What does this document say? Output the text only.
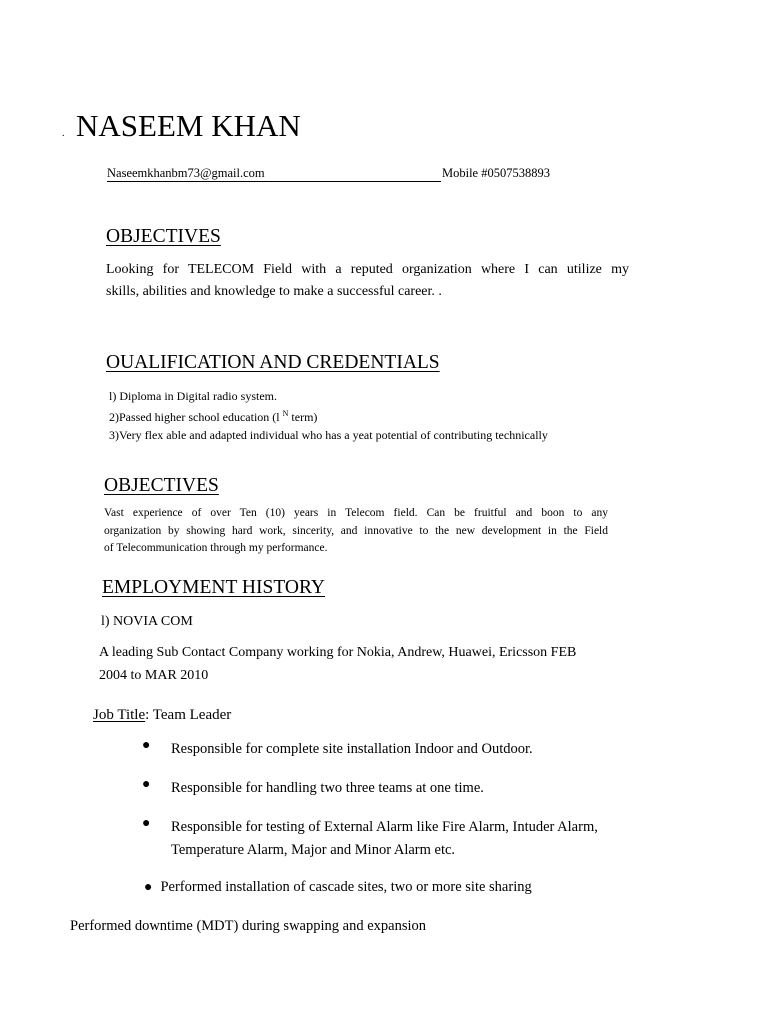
. NASEEM KHAN
Naseemkhanbm73@gmail.com	Mobile #0507538893
OBJECTIVES
Looking for TELECOM Field with a reputed organization where I can utilize my
skills, abilities and knowledge to make a successful career. .
OUALIFICATION AND CREDENTIALS
l) Diploma in Digital radio system.
2)Passed higher school education (l $^N$ term)
3)Very flex able and adapted individual who has a yeat potential of contributing technically
OBJECTIVES
Vast experience of over Ten (10) years in Telecom field. Can be fruitful and boon to any
organization by showing hard work, sincerity, and innovative to the new development in the Field
of Telecommunication through my performance.
EMPLOYMENT HISTORY
l) NOVIA COM
A leading Sub Contact Company working for Nokia, Andrew, Huawei, Ericsson FEB
2004 to MAR 2010
Job Title: Team Leader
● Responsible for complete site installation Indoor and Outdoor.
● Responsible for handling two three teams at one time.
● Responsible for testing of External Alarm like Fire Alarm, Intuder Alarm, Temperature Alarm, Major and Minor Alarm etc.
● Performed installation of cascade sites, two or more site sharing
Performed downtime (MDT) during swapping and expansion
